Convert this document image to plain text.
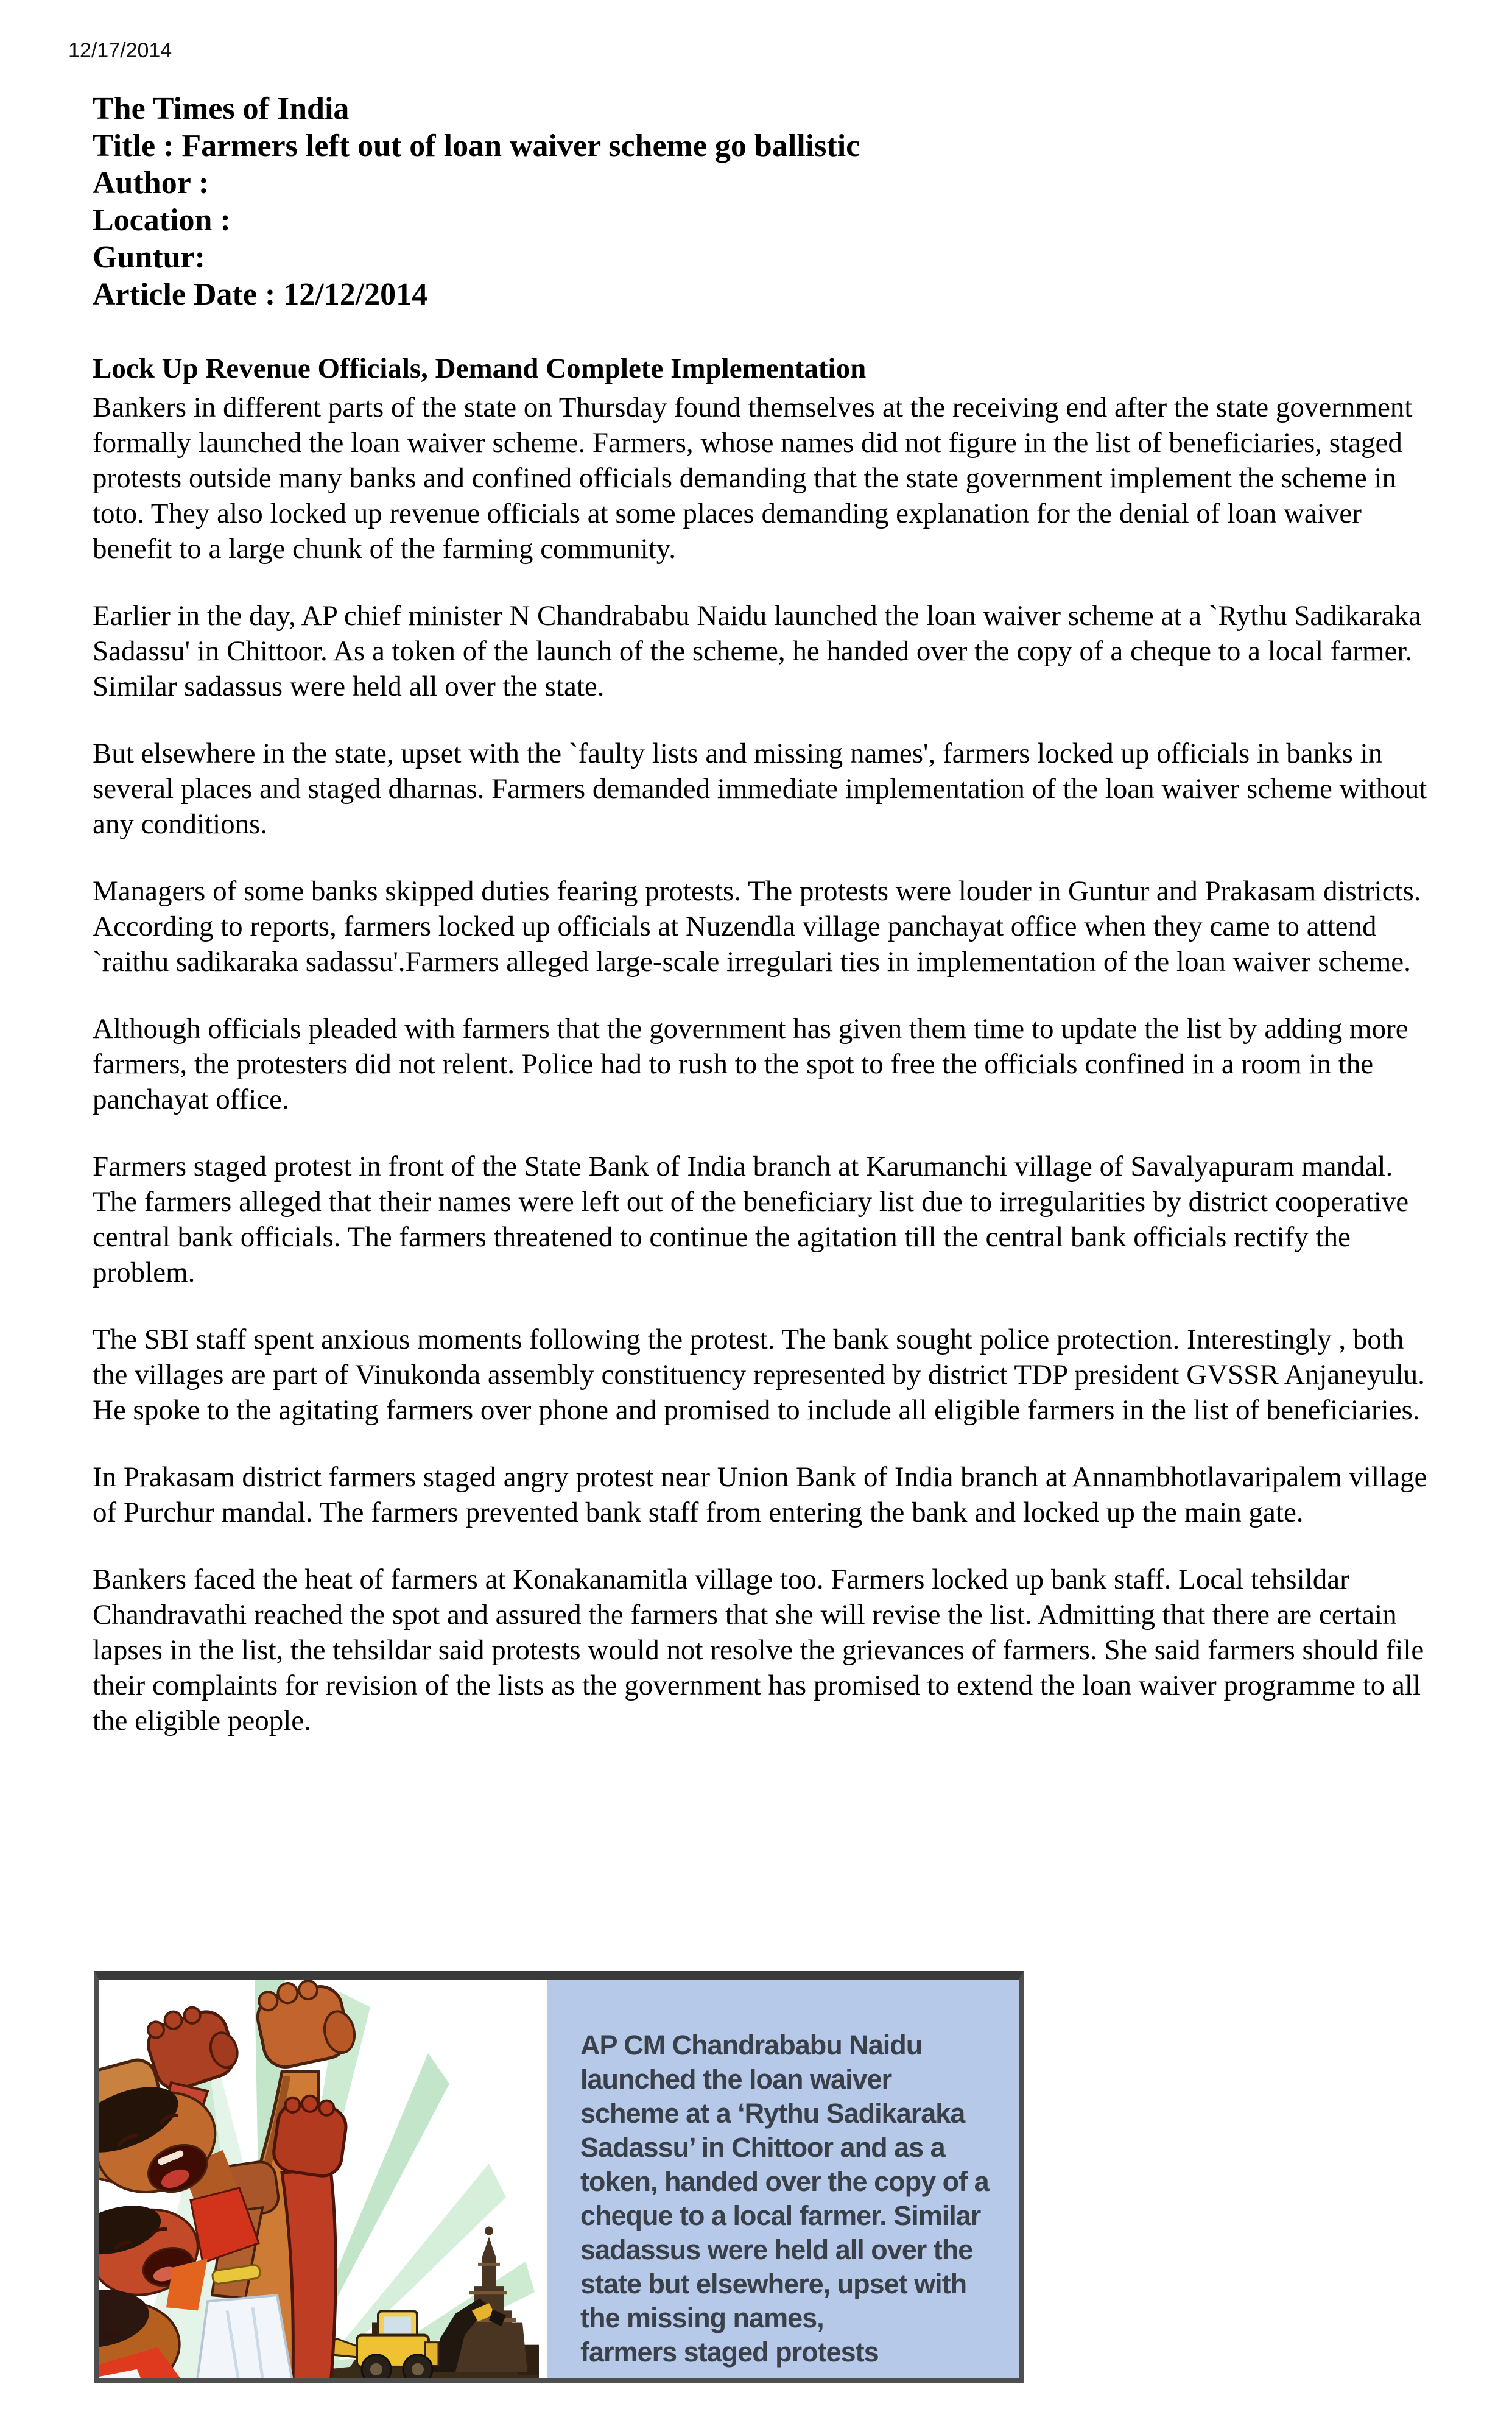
12/17/2014
The Times of India
Title : Farmers left out of loan waiver scheme go ballistic
Author :
Location :
Guntur:
Article Date : 12/12/2014
Lock Up Revenue Officials, Demand Complete Implementation

Bankers in different parts of the state on Thursday found themselves at the receiving end after the state government formally launched the loan waiver scheme. Farmers, whose names did not figure in the list of beneficiaries, staged protests outside many banks and confined officials demanding that the state government implement the scheme in toto. They also locked up revenue officials at some places demanding explanation for the denial of loan waiver benefit to a large chunk of the farming community.

Earlier in the day, AP chief minister N Chandrababu Naidu launched the loan waiver scheme at a `Rythu Sadikaraka Sadassu' in Chittoor. As a token of the launch of the scheme, he handed over the copy of a cheque to a local farmer. Similar sadassus were held all over the state.

But elsewhere in the state, upset with the `faulty lists and missing names', farmers locked up officials in banks in several places and staged dharnas. Farmers demanded immediate implementation of the loan waiver scheme without any conditions.

Managers of some banks skipped duties fearing protests. The protests were louder in Guntur and Prakasam districts. According to reports, farmers locked up officials at Nuzendla village panchayat office when they came to attend `raithu sadikaraka sadassu'.Farmers alleged large-scale irregulari ties in implementation of the loan waiver scheme.

Although officials pleaded with farmers that the government has given them time to update the list by adding more farmers, the protesters did not relent. Police had to rush to the spot to free the officials confined in a room in the panchayat office.

Farmers staged protest in front of the State Bank of India branch at Karumanchi village of Savalyapuram mandal. The farmers alleged that their names were left out of the beneficiary list due to irregularities by district cooperative central bank officials. The farmers threatened to continue the agitation till the central bank officials rectify the problem.

The SBI staff spent anxious moments following the protest. The bank sought police protection. Interestingly , both the villages are part of Vinukonda assembly constituency represented by district TDP president GVSSR Anjaneyulu. He spoke to the agitating farmers over phone and promised to include all eligible farmers in the list of beneficiaries.

In Prakasam district farmers staged angry protest near Union Bank of India branch at Annambhotlavaripalem village of Purchur mandal. The farmers prevented bank staff from entering the bank and locked up the main gate.

Bankers faced the heat of farmers at Konakanamitla village too. Farmers locked up bank staff. Local tehsildar Chandravathi reached the spot and assured the farmers that she will revise the list. Admitting that there are certain lapses in the list, the tehsildar said protests would not resolve the grievances of farmers. She said farmers should file their complaints for revision of the lists as the government has promised to extend the loan waiver programme to all the eligible people.

AP CM Chandrababu Naidu
launched the loan waiver
scheme at a ‘Rythu Sadikaraka
Sadassu’ in Chittoor and as a
token, handed over the copy of a
cheque to a local farmer. Similar
sadassus were held all over the
state but elsewhere, upset with
the missing names,
farmers staged protests
